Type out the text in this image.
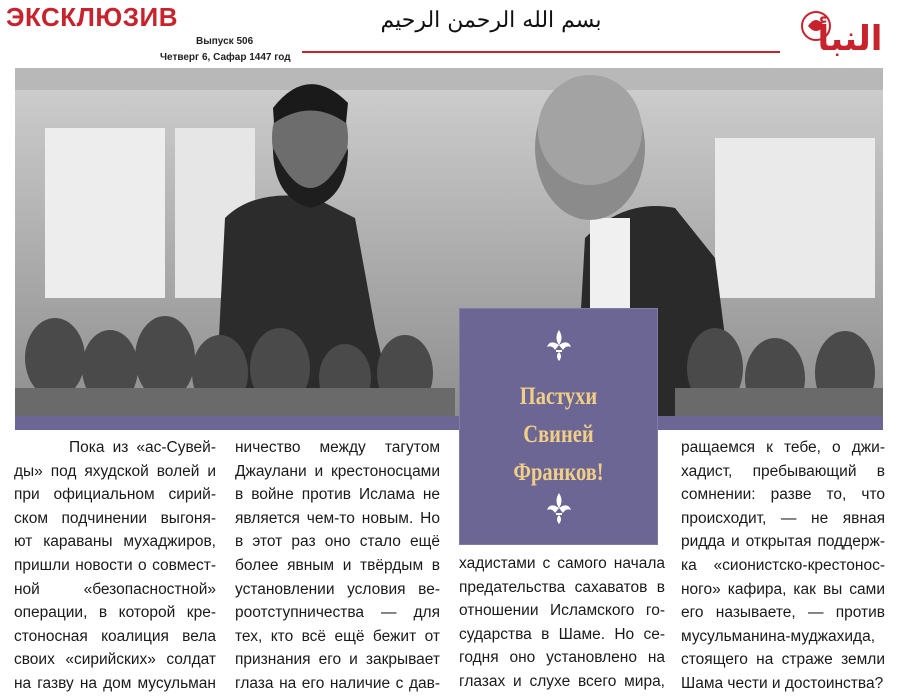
ЭКСКЛЮЗИВ
Выпуск 506
Четверг 6, Сафар 1447 год
بسم الله الرحمن الرحيم	النبأ
Пастухи
Свиней
Франков!

Пока из «ас-Сувей-

ды» под яхудской волей и

при официальном сирий-

ском подчинении выгоня-

ют караваны мухаджиров,

пришли новости о совмест-

ной «безопасностной»

операции, в которой кре-

стоносная коалиция вела

своих «сирийских» солдат

на газву на дом мусульман

ничество между тагутом

Джаулани и крестоносцами

в войне против Ислама не

является чем-то новым. Но

в этот раз оно стало ещё

более явным и твёрдым в

установлении условия ве-

роотступничества — для

тех, кто всё ещё бежит от

признания его и закрывает

глаза на его наличие с дав-

хадистами с самого начала

предательства сахаватов в

отношении Исламского го-

сударства в Шаме. Но се-

годня оно установлено на

глазах и слухе всего мира,

ращаемся к тебе, о джи-

хадист, пребывающий в

сомнении: разве то, что

происходит, — не явная

ридда и открытая поддерж-

ка «сионистско-крестонос-

ного» кафира, как вы сами

его называете, — против

мусульманина-муджахида,

стоящего на страже земли

Шама чести и достоинства?
